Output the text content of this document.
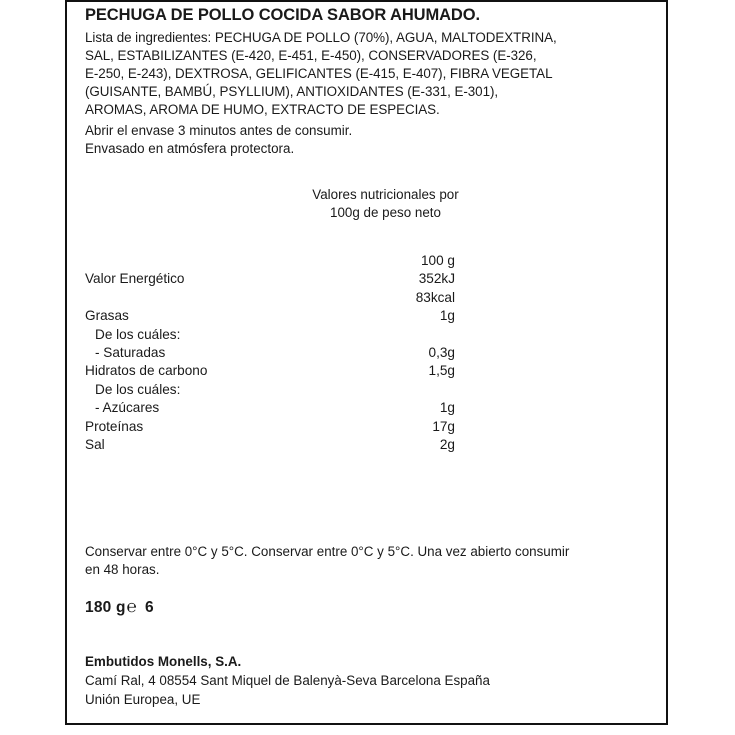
PECHUGA DE POLLO COCIDA SABOR AHUMADO.

Lista de ingredientes: PECHUGA DE POLLO (70%), AGUA, MALTODEXTRINA,

SAL, ESTABILIZANTES (E-420, E-451, E-450), CONSERVADORES (E-326,

E-250, E-243), DEXTROSA, GELIFICANTES (E-415, E-407), FIBRA VEGETAL

(GUISANTE, BAMBÚ, PSYLLIUM), ANTIOXIDANTES (E-331, E-301),

AROMAS, AROMA DE HUMO, EXTRACTO DE ESPECIAS.

Abrir el envase 3 minutos antes de consumir.

Envasado en atmósfera protectora.

Valores nutricionales por
100g de peso neto
	100 g
Valor Energético	352kJ
	83kcal
Grasas	1g
De los cuáles:	
- Saturadas	0,3g
Hidratos de carbono	1,5g
De los cuáles:	
- Azúcares	1g
Proteínas	17g
Sal	2g

Conservar entre 0°C y 5°C. Conservar entre 0°C y 5°C. Una vez abierto consumir

en 48 horas.

180 g℮ 6

Embutidos Monells, S.A.

Camí Ral, 4 08554 Sant Miquel de Balenyà-Seva Barcelona España

Unión Europea, UE
